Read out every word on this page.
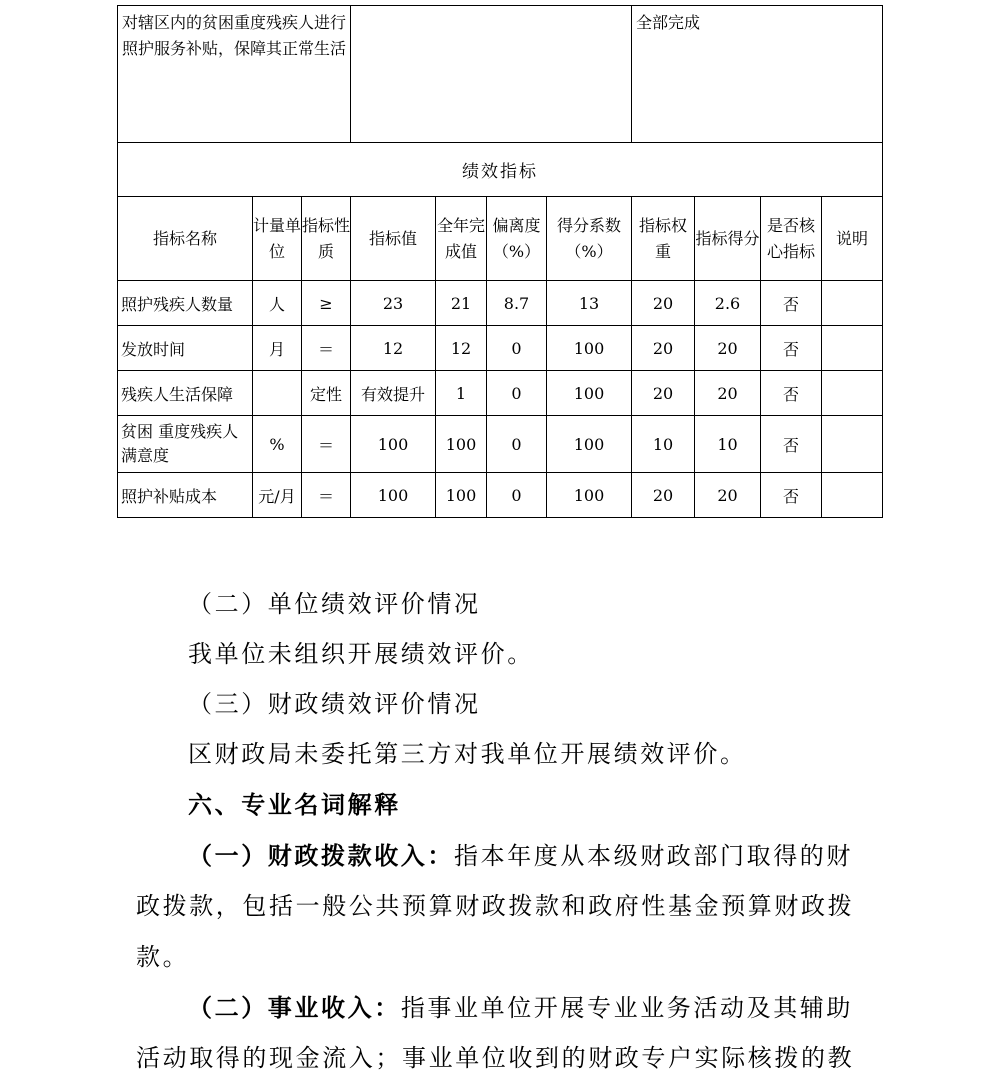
对辖区内的贫困重度残疾人进行照护服务补贴，保障其正常生活							全部完成			
绩效指标										
指标名称	计量单位	指标性质	指标值	全年完成值	偏离度（%）	得分系数（%）	指标权重	指标得分	是否核心指标	说明
照护残疾人数量	人	≥	23	21	8.7	13	20	2.6	否	
发放时间	月	＝	12	12	0	100	20	20	否	
残疾人生活保障		定性	有效提升	1	0	100	20	20	否	
贫困 重度残疾人满意度	%	＝	100	100	0	100	10	10	否	
照护补贴成本	元/月	＝	100	100	0	100	20	20	否	
（二）单位绩效评价情况
我单位未组织开展绩效评价。
（三）财政绩效评价情况
区财政局未委托第三方对我单位开展绩效评价。
六、专业名词解释
（一）财政拨款收入：指本年度从本级财政部门取得的财
政拨款，包括一般公共预算财政拨款和政府性基金预算财政拨
款。
（二）事业收入：指事业单位开展专业业务活动及其辅助
活动取得的现金流入；事业单位收到的财政专户实际核拨的教
